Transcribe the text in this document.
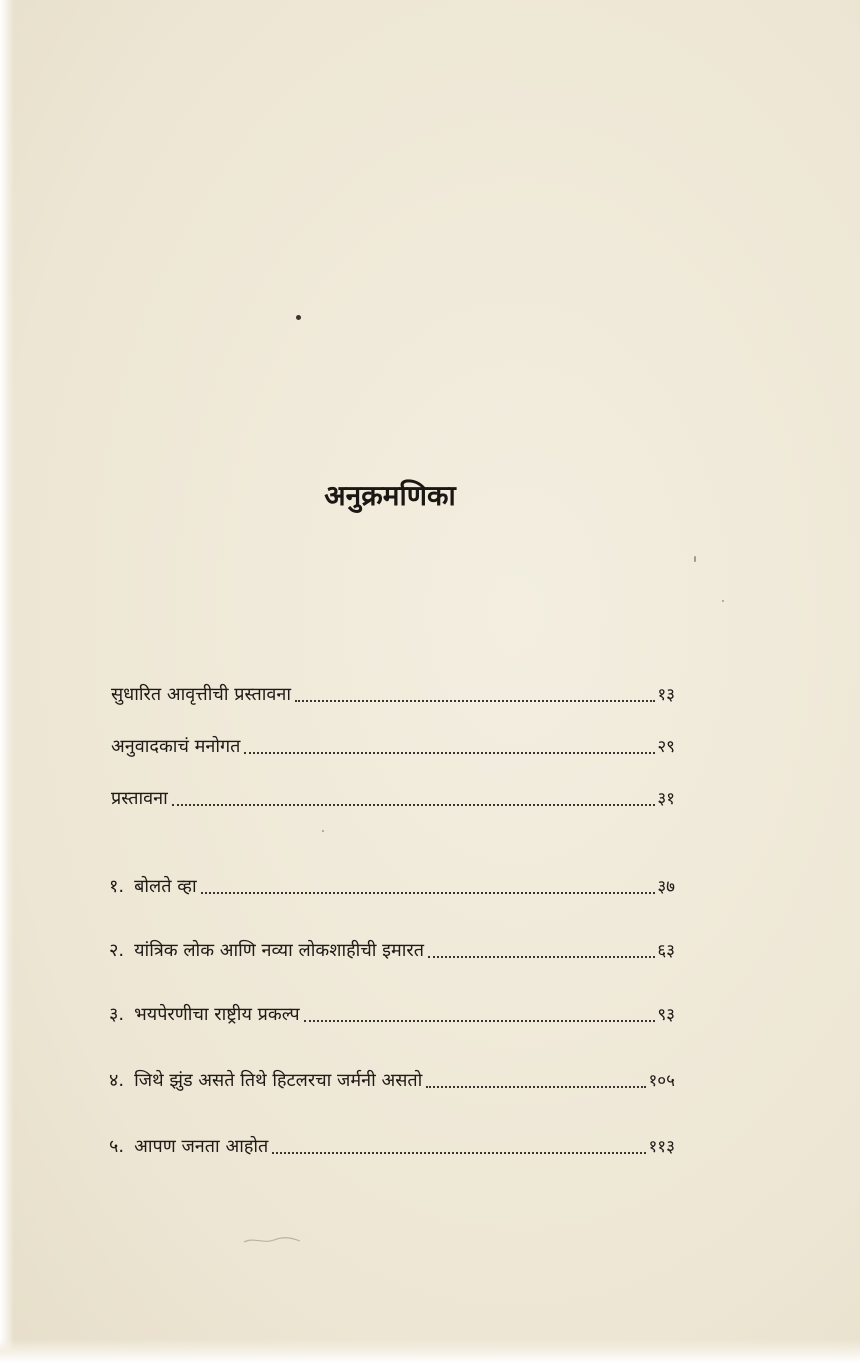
अनुक्रमणिका
सुधारित आवृत्तीची प्रस्तावना	१३
अनुवादकाचं मनोगत	२९
प्रस्तावना	३१
१. बोलते व्हा	३७
२. यांत्रिक लोक आणि नव्या लोकशाहीची इमारत	६३
३. भयपेरणीचा राष्ट्रीय प्रकल्प	९३
४. जिथे झुंड असते तिथे हिटलरचा जर्मनी असतो	१०५
५. आपण जनता आहोत	११३
